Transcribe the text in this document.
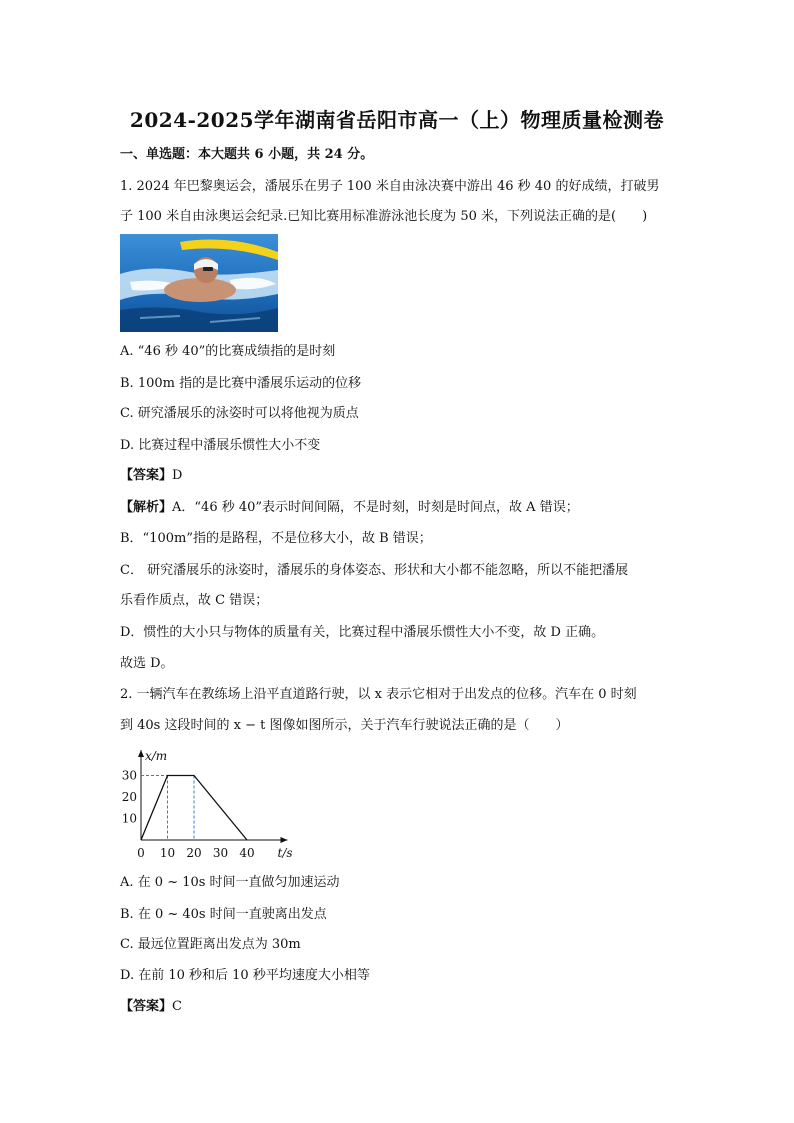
2024-2025学年湖南省岳阳市高一（上）物理质量检测卷
一、单选题：本大题共 6 小题，共 24 分。
1. 2024 年巴黎奥运会，潘展乐在男子 100 米自由泳决赛中游出 46 秒 40 的好成绩，打破男
子 100 米自由泳奥运会纪录.已知比赛用标准游泳池长度为 50 米，下列说法正确的是(　　)
A. “46 秒 40”的比赛成绩指的是时刻
B. 100m 指的是比赛中潘展乐运动的位移
C. 研究潘展乐的泳姿时可以将他视为质点
D. 比赛过程中潘展乐惯性大小不变
【答案】D
【解析】A．“46 秒 40”表示时间间隔，不是时刻，时刻是时间点，故 A 错误；
B．“100m”指的是路程，不是位移大小，故 B 错误；
C． 研究潘展乐的泳姿时，潘展乐的身体姿态、形状和大小都不能忽略，所以不能把潘展
乐看作质点，故 C 错误；
D．惯性的大小只与物体的质量有关，比赛过程中潘展乐惯性大小不变，故 D 正确。
故选 D。
2. 一辆汽车在教练场上沿平直道路行驶，以 x 表示它相对于出发点的位移。汽车在 0 时刻
到 40s 这段时间的 x − t 图像如图所示，关于汽车行驶说法正确的是（　　）
x/m
t/s
0 10 20 30 40
10
20
30
A. 在 0 ~ 10s 时间一直做匀加速运动
B. 在 0 ~ 40s 时间一直驶离出发点
C. 最远位置距离出发点为 30m
D. 在前 10 秒和后 10 秒平均速度大小相等
【答案】C
